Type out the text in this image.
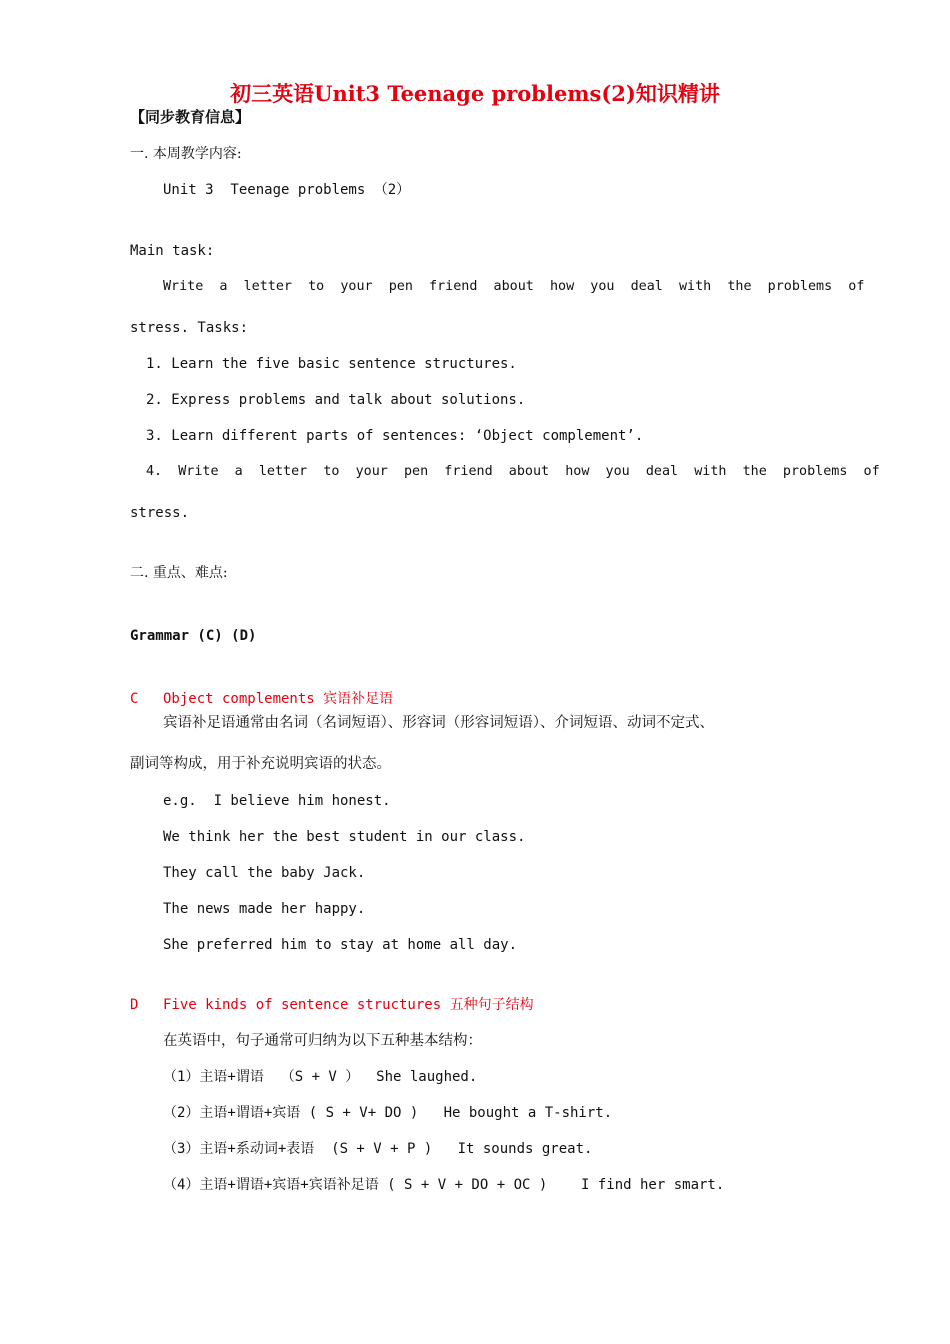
初三英语Unit3 Teenage problems(2)知识精讲
【同步教育信息】
一. 本周教学内容:
Unit 3  Teenage problems （2）
Main task:
Write  a  letter  to  your  pen  friend  about  how  you  deal  with  the  problems  of
stress. Tasks:
1. Learn the five basic sentence structures.
2. Express problems and talk about solutions.
3. Learn different parts of sentences: ‘Object complement’.
4.  Write  a  letter  to  your  pen  friend  about  how  you  deal  with  the  problems  of
stress.
二. 重点、难点:
Grammar (C) (D)
C Object complements 宾语补足语
宾语补足语通常由名词（名词短语）、形容词（形容词短语）、介词短语、动词不定式、
副词等构成，用于补充说明宾语的状态。
e.g.  I believe him honest.
We think her the best student in our class.
They call the baby Jack.
The news made her happy.
She preferred him to stay at home all day.
D Five kinds of sentence structures 五种句子结构
在英语中，句子通常可归纳为以下五种基本结构：
（1）主语+谓语  （S + V ）  She laughed.
（2）主语+谓语+宾语 ( S + V+ DO )   He bought a T-shirt.
（3）主语+系动词+表语  (S + V + P )   It sounds great.
（4）主语+谓语+宾语+宾语补足语 ( S + V + DO + OC )    I find her smart.
